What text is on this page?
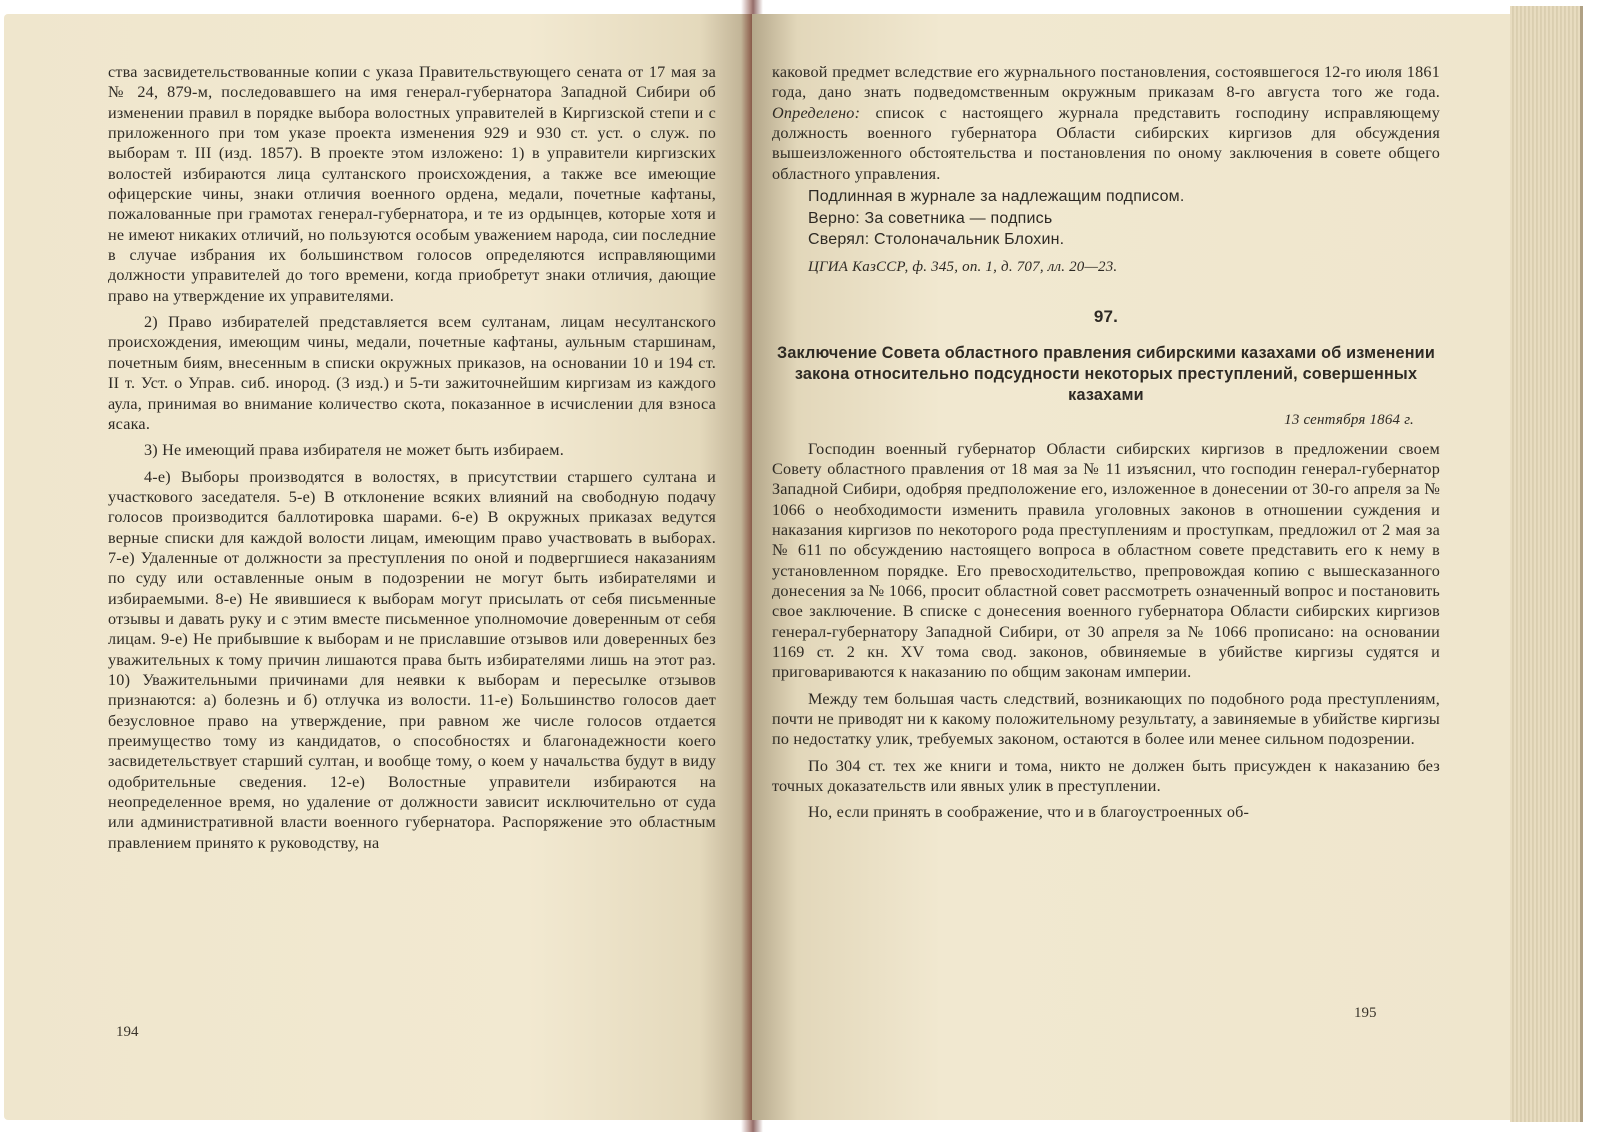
ства засвидетельствованные копии с указа Правительствующего сената от 17 мая за № 24, 879-м, последовавшего на имя генерал-губернатора Западной Сибири об изменении правил в порядке выбора волостных управителей в Киргизской степи и с приложенного при том указе проекта изменения 929 и 930 ст. уст. о служ. по выборам т. III (изд. 1857). В проекте этом изложено: 1) в управители киргизских волостей избираются лица султанского происхождения, а также все имеющие офицерские чины, знаки отличия военного ордена, медали, почетные кафтаны, пожалованные при грамотах генерал-губернатора, и те из ордынцев, которые хотя и не имеют никаких отличий, но пользуются особым уважением народа, сии последние в случае избрания их большинством голосов определяются исправляющими должности управителей до того времени, когда приобретут знаки отличия, дающие право на утверждение их управителями.

2) Право избирателей представляется всем султанам, лицам несултанского происхождения, имеющим чины, медали, почетные кафтаны, аульным старшинам, почетным биям, внесенным в списки окружных приказов, на основании 10 и 194 ст. II т. Уст. о Управ. сиб. инород. (3 изд.) и 5-ти зажиточнейшим киргизам из каждого аула, принимая во внимание количество скота, показанное в исчислении для взноса ясака.

3) Не имеющий права избирателя не может быть избираем.

4-е) Выборы производятся в волостях, в присутствии старшего султана и участкового заседателя. 5-е) В отклонение всяких влияний на свободную подачу голосов производится баллотировка шарами. 6-е) В окружных приказах ведутся верные списки для каждой волости лицам, имеющим право участвовать в выборах. 7-е) Удаленные от должности за преступления по оной и подвергшиеся наказаниям по суду или оставленные оным в подозрении не могут быть избирателями и избираемыми. 8-е) Не явившиеся к выборам могут присылать от себя письменные отзывы и давать руку и с этим вместе письменное уполномочие доверенным от себя лицам. 9-е) Не прибывшие к выборам и не приславшие отзывов или доверенных без уважительных к тому причин лишаются права быть избирателями лишь на этот раз. 10) Уважительными причинами для неявки к выборам и пересылке отзывов признаются: а) болезнь и б) отлучка из волости. 11-е) Большинство голосов дает безусловное право на утверждение, при равном же числе голосов отдается преимущество тому из кандидатов, о способностях и благонадежности коего засвидетельствует старший султан, и вообще тому, о коем у начальства будут в виду одобрительные сведения. 12-е) Волостные управители избираются на неопределенное время, но удаление от должности зависит исключительно от суда или административной власти военного губернатора. Распоряжение это областным правлением принято к руководству, на

194

каковой предмет вследствие его журнального постановления, состоявшегося 12-го июля 1861 года, дано знать подведомственным окружным приказам 8-го августа того же года. Определено: список с настоящего журнала представить господину исправляющему должность военного губернатора Области сибирских киргизов для обсуждения вышеизложенного обстоятельства и постановления по оному заключения в совете общего областного управления.

Подлинная в журнале за надлежащим подписом.

Верно: За советника — подпись

Сверял: Столоначальник Блохин.

ЦГИА КазССР, ф. 345, оп. 1, д. 707, лл. 20—23.

97.

Заключение Совета областного правления сибирскими казахами об изменении закона относительно подсудности некоторых преступлений, совершенных казахами

13 сентября 1864 г.

Господин военный губернатор Области сибирских киргизов в предложении своем Совету областного правления от 18 мая за № 11 изъяснил, что господин генерал-губернатор Западной Сибири, одобряя предположение его, изложенное в донесении от 30-го апреля за № 1066 о необходимости изменить правила уголовных законов в отношении суждения и наказания киргизов по некоторого рода преступлениям и проступкам, предложил от 2 мая за № 611 по обсуждению настоящего вопроса в областном совете представить его к нему в установленном порядке. Его превосходительство, препровождая копию с вышесказанного донесения за № 1066, просит областной совет рассмотреть означенный вопрос и постановить свое заключение. В списке с донесения военного губернатора Области сибирских киргизов генерал-губернатору Западной Сибири, от 30 апреля за № 1066 прописано: на основании 1169 ст. 2 кн. XV тома свод. законов, обвиняемые в убийстве киргизы судятся и приговариваются к наказанию по общим законам империи.

Между тем большая часть следствий, возникающих по подобного рода преступлениям, почти не приводят ни к какому положительному результату, а завиняемые в убийстве киргизы по недостатку улик, требуемых законом, остаются в более или менее сильном подозрении.

По 304 ст. тех же книги и тома, никто не должен быть присужден к наказанию без точных доказательств или явных улик в преступлении.

Но, если принять в соображение, что и в благоустроенных об-

195
